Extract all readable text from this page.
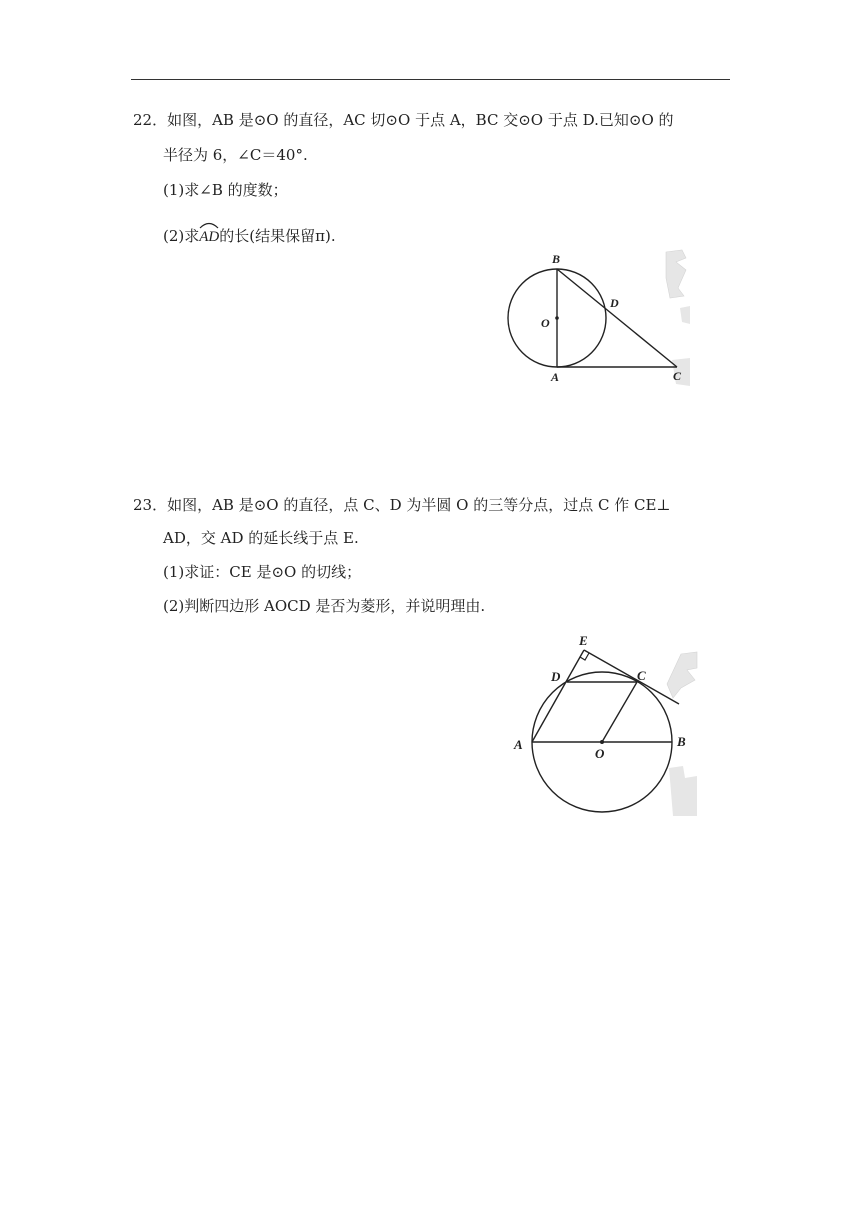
22．如图，AB 是⊙O 的直径，AC 切⊙O 于点 A，BC 交⊙O 于点 D.已知⊙O 的
半径为 6，∠C＝40°.
(1)求∠B 的度数；
(2)求
AD的长(结果保留π).
B
D
O
A	C
23．如图，AB 是⊙O 的直径，点 C、D 为半圆 O 的三等分点，过点 C 作 CE⊥
AD，交 AD 的延长线于点 E.
(1)求证：CE 是⊙O 的切线；
(2)判断四边形 AOCD 是否为菱形，并说明理由.
E
D	C
A
O
B
